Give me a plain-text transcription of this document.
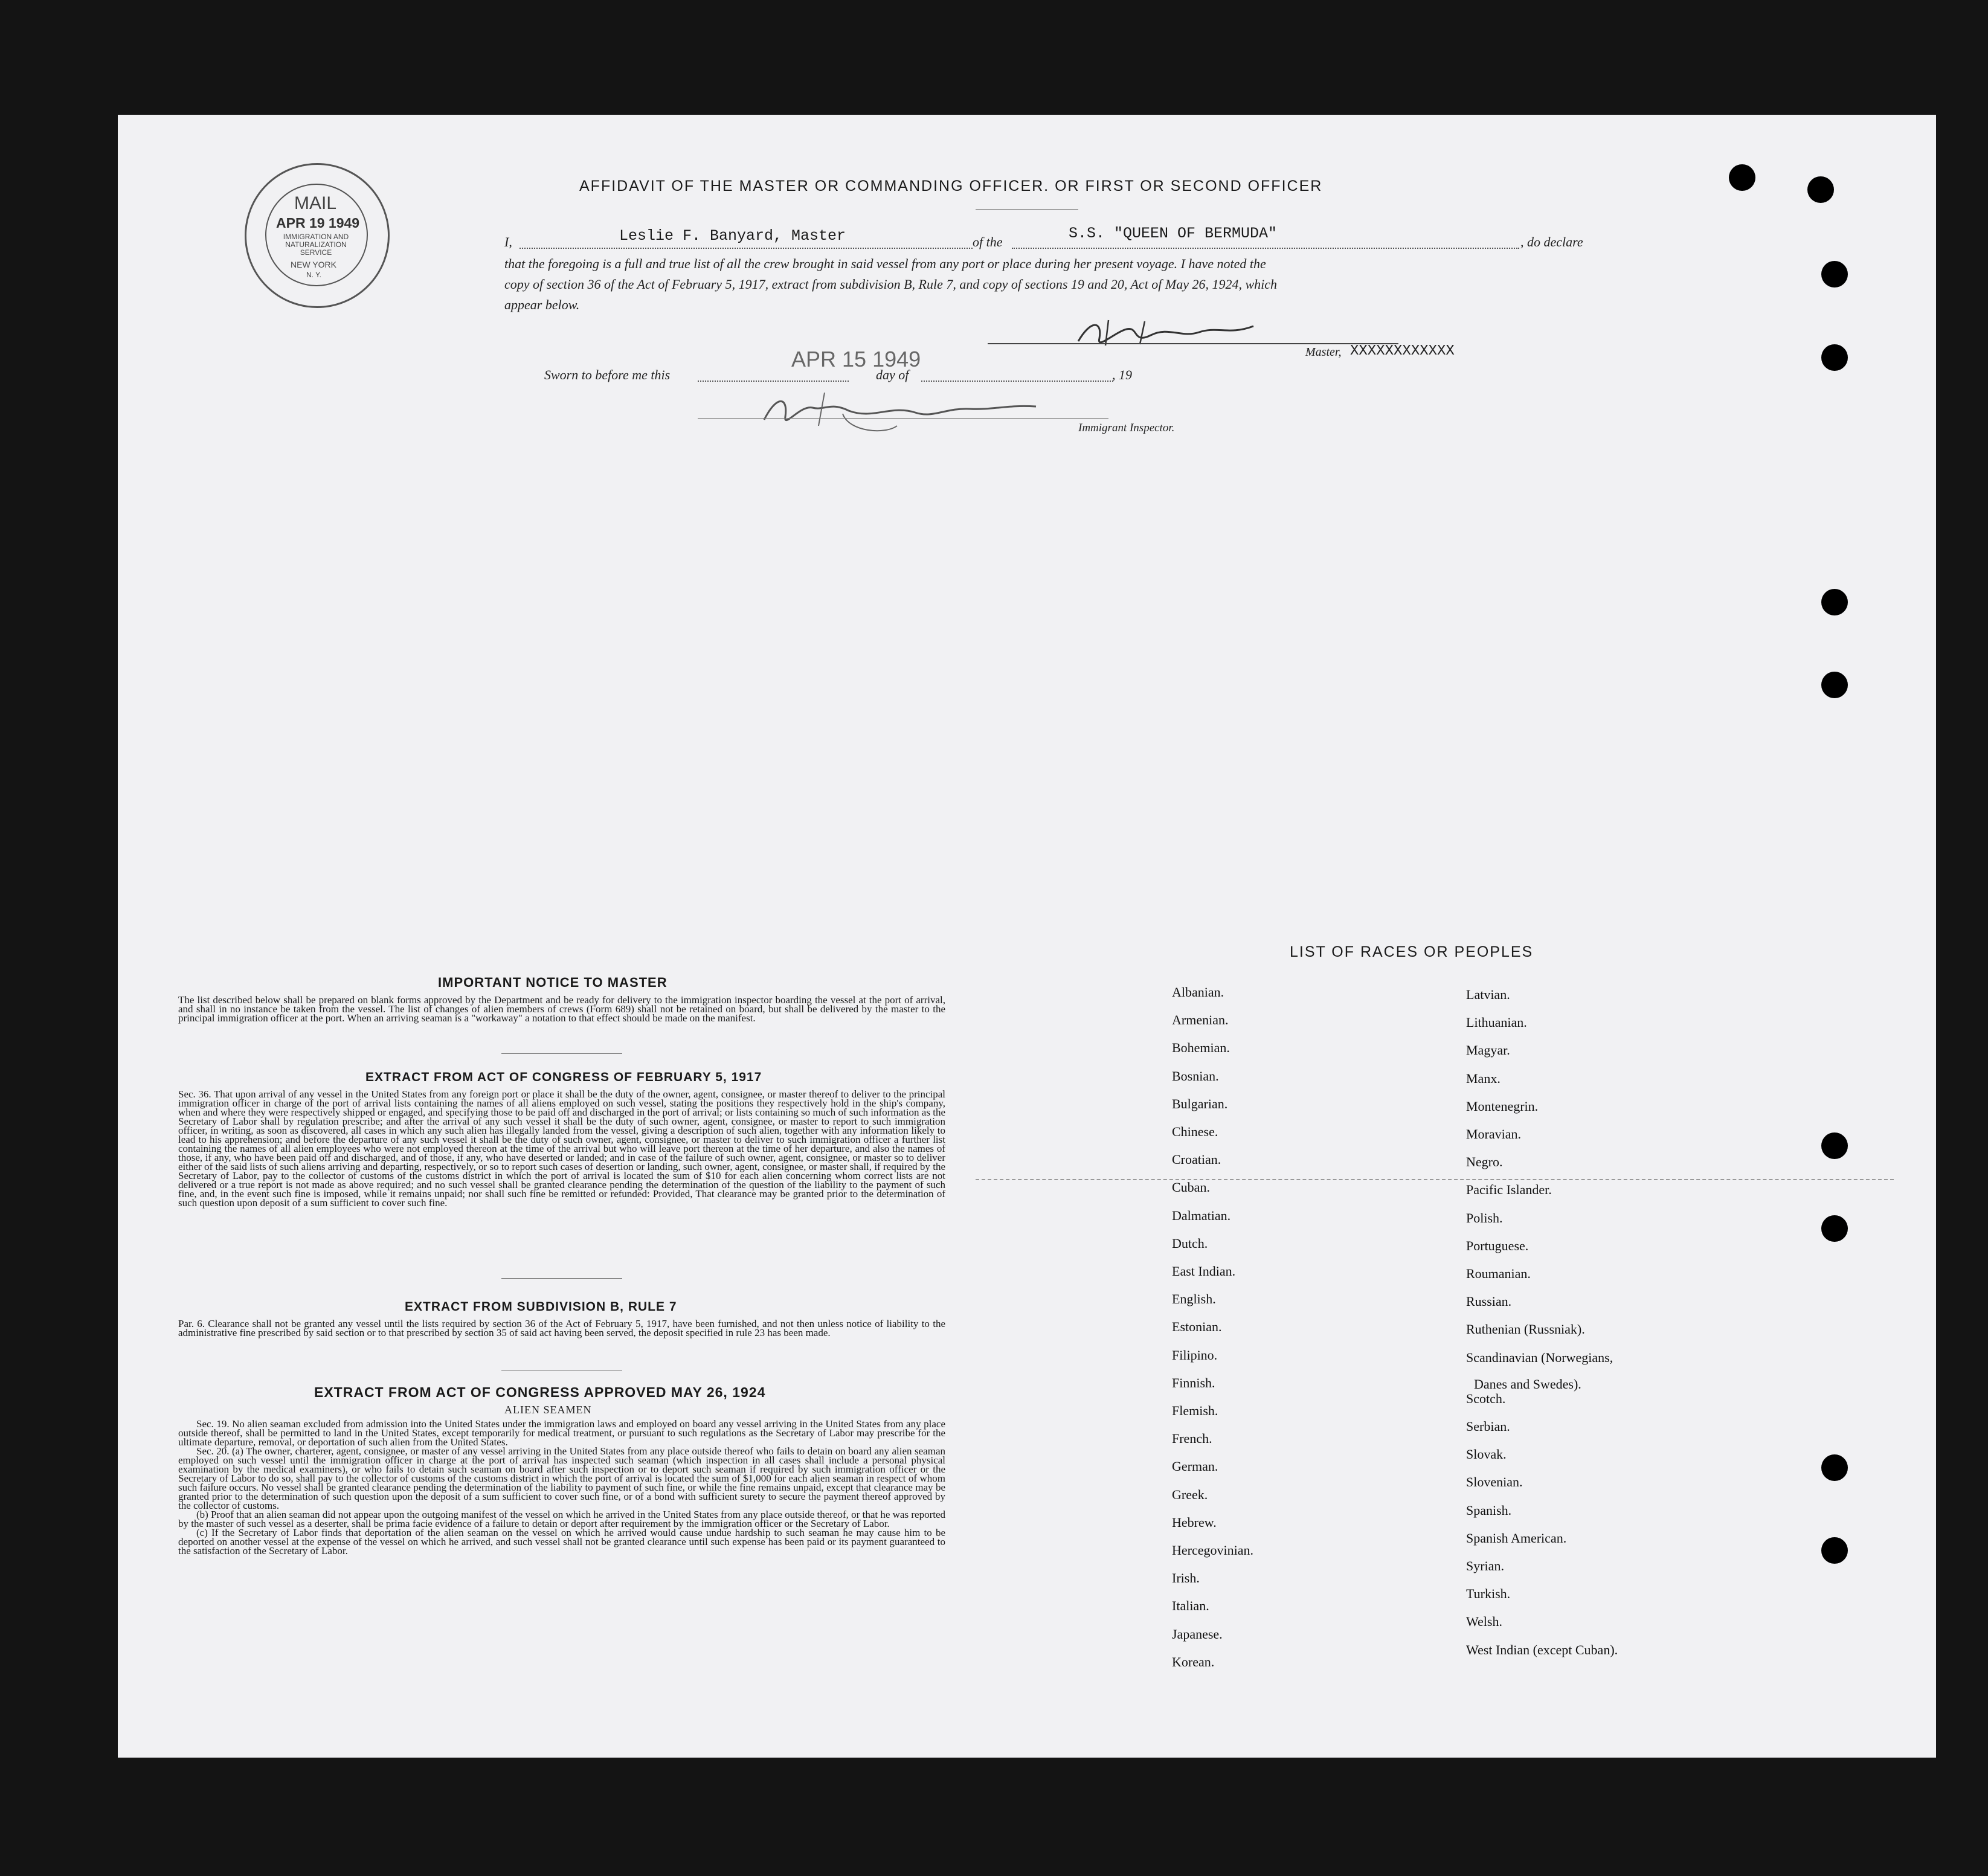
MAIL
APR 19 1949
IMMIGRATION AND NATURALIZATION SERVICE
NEW YORK
N. Y.
AFFIDAVIT OF THE MASTER OR COMMANDING OFFICER. OR FIRST OR SECOND OFFICER
I,	Leslie F. Banyard, Master	of the	S.S. "QUEEN OF BERMUDA"	, do declare
that the foregoing is a full and true list of all the crew brought in said vessel from any port or place during her present voyage. I have noted the
copy of section 36 of the Act of February 5, 1917, extract from subdivision B, Rule 7, and copy of sections 19 and 20, Act of May 26, 1924, which
appear below.
Master, XXXXXXXXXXXX
Sworn to before me this
APR 15 1949
day of	, 19
Immigrant Inspector.
LIST OF RACES OR PEOPLES
IMPORTANT NOTICE TO MASTER
The list described below shall be prepared on blank forms approved by the Department and be ready for delivery to the immigration inspector boarding the vessel at the port of arrival, and shall in no instance be taken from the vessel. The list of changes of alien members of crews (Form 689) shall not be retained on board, but shall be delivered by the master to the principal immigration officer at the port. When an arriving seaman is a "workaway" a notation to that effect should be made on the manifest.
EXTRACT FROM ACT OF CONGRESS OF FEBRUARY 5, 1917
Sec. 36. That upon arrival of any vessel in the United States from any foreign port or place it shall be the duty of the owner, agent, consignee, or master thereof to deliver to the principal immigration officer in charge of the port of arrival lists containing the names of all aliens employed on such vessel, stating the positions they respectively hold in the ship's company, when and where they were respectively shipped or engaged, and specifying those to be paid off and discharged in the port of arrival; or lists containing so much of such information as the Secretary of Labor shall by regulation prescribe; and after the arrival of any such vessel it shall be the duty of such owner, agent, consignee, or master to report to such immigration officer, in writing, as soon as discovered, all cases in which any such alien has illegally landed from the vessel, giving a description of such alien, together with any information likely to lead to his apprehension; and before the departure of any such vessel it shall be the duty of such owner, agent, consignee, or master to deliver to such immigration officer a further list containing the names of all alien employees who were not employed thereon at the time of the arrival but who will leave port thereon at the time of her departure, and also the names of those, if any, who have been paid off and discharged, and of those, if any, who have deserted or landed; and in case of the failure of such owner, agent, consignee, or master so to deliver either of the said lists of such aliens arriving and departing, respectively, or so to report such cases of desertion or landing, such owner, agent, consignee, or master shall, if required by the Secretary of Labor, pay to the collector of customs of the customs district in which the port of arrival is located the sum of $10 for each alien concerning whom correct lists are not delivered or a true report is not made as above required; and no such vessel shall be granted clearance pending the determination of the question of the liability to the payment of such fine, and, in the event such fine is imposed, while it remains unpaid; nor shall such fine be remitted or refunded: Provided, That clearance may be granted prior to the determination of such question upon deposit of a sum sufficient to cover such fine.
EXTRACT FROM SUBDIVISION B, RULE 7
Par. 6. Clearance shall not be granted any vessel until the lists required by section 36 of the Act of February 5, 1917, have been furnished, and not then unless notice of liability to the administrative fine prescribed by said section or to that prescribed by section 35 of said act having been served, the deposit specified in rule 23 has been made.
EXTRACT FROM ACT OF CONGRESS APPROVED MAY 26, 1924
ALIEN SEAMEN
Sec. 19. No alien seaman excluded from admission into the United States under the immigration laws and employed on board any vessel arriving in the United States from any place outside thereof, shall be permitted to land in the United States, except temporarily for medical treatment, or pursuant to such regulations as the Secretary of Labor may prescribe for the ultimate departure, removal, or deportation of such alien from the United States.
Sec. 20. (a) The owner, charterer, agent, consignee, or master of any vessel arriving in the United States from any place outside thereof who fails to detain on board any alien seaman employed on such vessel until the immigration officer in charge at the port of arrival has inspected such seaman (which inspection in all cases shall include a personal physical examination by the medical examiners), or who fails to detain such seaman on board after such inspection or to deport such seaman if required by such immigration officer or the Secretary of Labor to do so, shall pay to the collector of customs of the customs district in which the port of arrival is located the sum of $1,000 for each alien seaman in respect of whom such failure occurs. No vessel shall be granted clearance pending the determination of the liability to payment of such fine, or while the fine remains unpaid, except that clearance may be granted prior to the determination of such question upon the deposit of a sum sufficient to cover such fine, or of a bond with sufficient surety to secure the payment thereof approved by the collector of customs.
(b) Proof that an alien seaman did not appear upon the outgoing manifest of the vessel on which he arrived in the United States from any place outside thereof, or that he was reported by the master of such vessel as a deserter, shall be prima facie evidence of a failure to detain or deport after requirement by the immigration officer or the Secretary of Labor.
(c) If the Secretary of Labor finds that deportation of the alien seaman on the vessel on which he arrived would cause undue hardship to such seaman he may cause him to be deported on another vessel at the expense of the vessel on which he arrived, and such vessel shall not be granted clearance until such expense has been paid or its payment guaranteed to the satisfaction of the Secretary of Labor.
Albanian.
Armenian.
Bohemian.
Bosnian.
Bulgarian.
Chinese.
Croatian.
Cuban.
Dalmatian.
Dutch.
East Indian.
English.
Estonian.
Filipino.
Finnish.
Flemish.
French.
German.
Greek.
Hebrew.
Hercegovinian.
Irish.
Italian.
Japanese.
Korean.
Latvian.
Lithuanian.
Magyar.
Manx.
Montenegrin.
Moravian.
Negro.
Pacific Islander.
Polish.
Portuguese.
Roumanian.
Russian.
Ruthenian (Russniak).
Scandinavian (Norwegians,
Danes and Swedes).
Scotch.
Serbian.
Slovak.
Slovenian.
Spanish.
Spanish American.
Syrian.
Turkish.
Welsh.
West Indian (except Cuban).
